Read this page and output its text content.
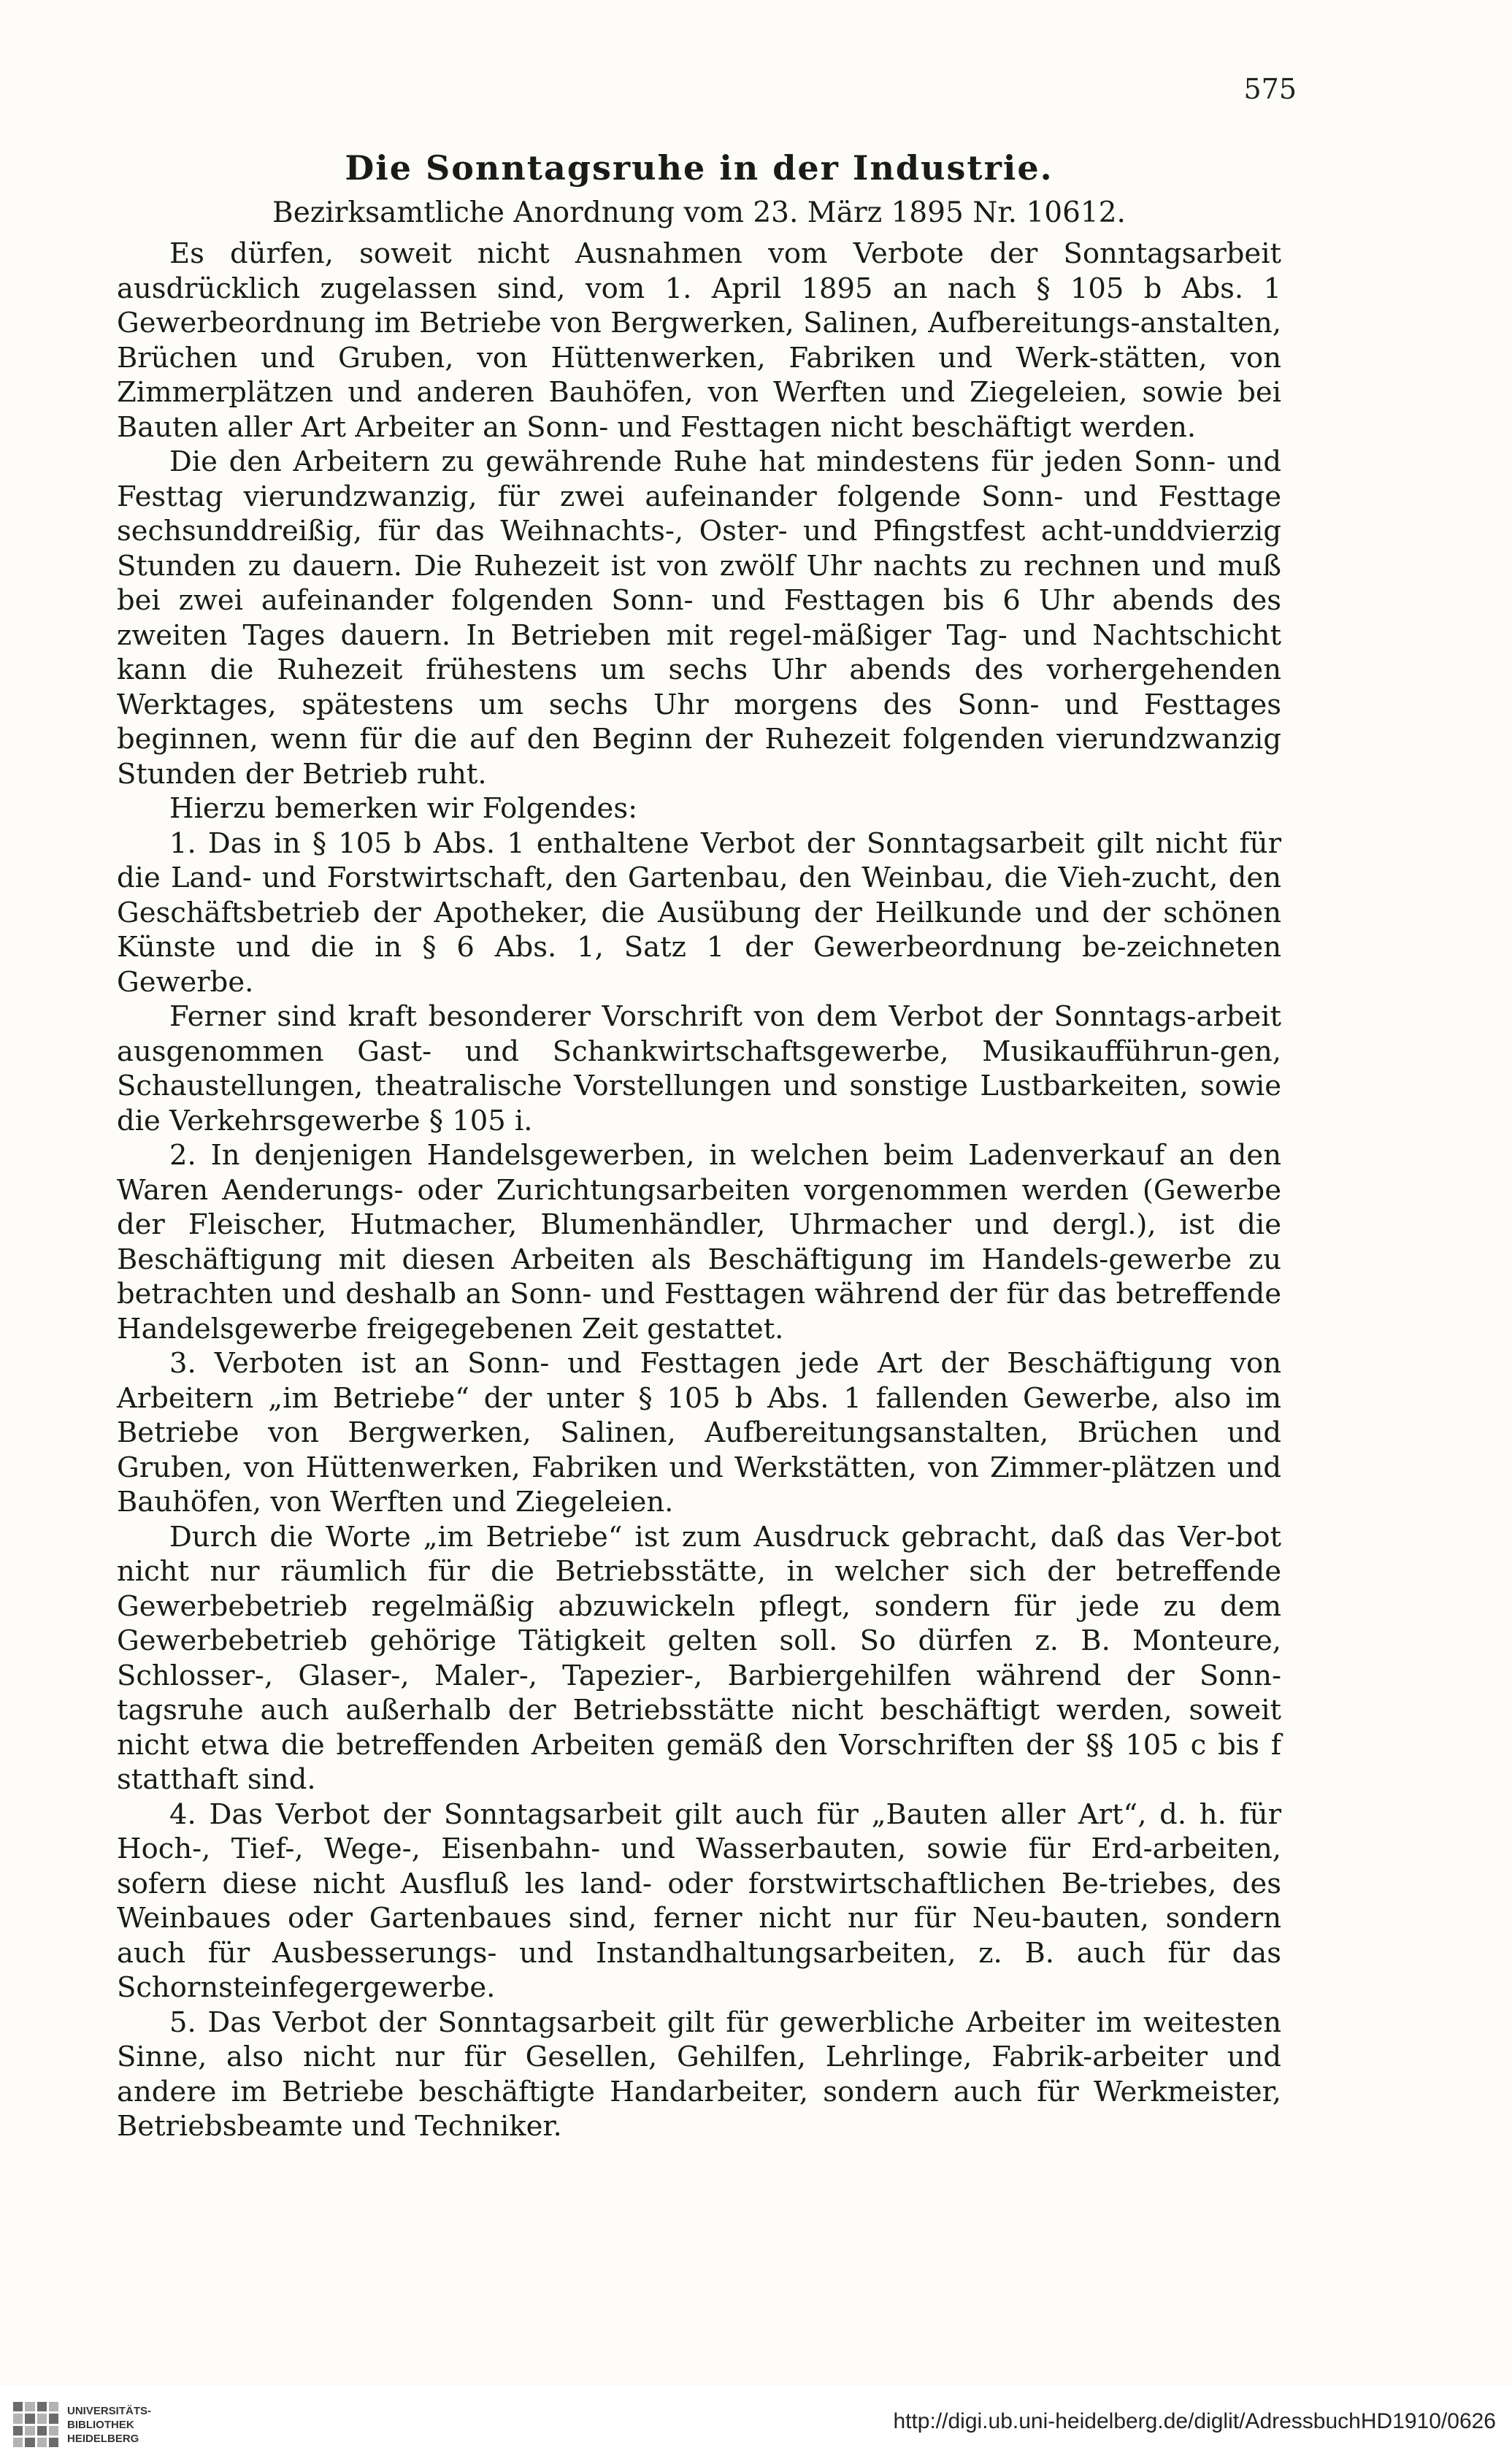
575

Die Sonntagsruhe in der Industrie.

Bezirksamtliche Anordnung vom 23. März 1895 Nr. 10612.

Es dürfen, soweit nicht Ausnahmen vom Verbote der Sonntagsarbeit ausdrücklich zugelassen sind, vom 1. April 1895 an nach § 105 b Abs. 1 Gewerbeordnung im Betriebe von Bergwerken, Salinen, Aufbereitungs-anstalten, Brüchen und Gruben, von Hüttenwerken, Fabriken und Werk-stätten, von Zimmerplätzen und anderen Bauhöfen, von Werften und Ziegeleien, sowie bei Bauten aller Art Arbeiter an Sonn- und Festtagen nicht beschäftigt werden.

Die den Arbeitern zu gewährende Ruhe hat mindestens für jeden Sonn- und Festtag vierundzwanzig, für zwei aufeinander folgende Sonn- und Festtage sechsunddreißig, für das Weihnachts-, Oster- und Pfingstfest acht-unddvierzig Stunden zu dauern. Die Ruhezeit ist von zwölf Uhr nachts zu rechnen und muß bei zwei aufeinander folgenden Sonn- und Festtagen bis 6 Uhr abends des zweiten Tages dauern. In Betrieben mit regel-mäßiger Tag- und Nachtschicht kann die Ruhezeit frühestens um sechs Uhr abends des vorhergehenden Werktages, spätestens um sechs Uhr morgens des Sonn- und Festtages beginnen, wenn für die auf den Beginn der Ruhezeit folgenden vierundzwanzig Stunden der Betrieb ruht.

Hierzu bemerken wir Folgendes:

1. Das in § 105 b Abs. 1 enthaltene Verbot der Sonntagsarbeit gilt nicht für die Land- und Forstwirtschaft, den Gartenbau, den Weinbau, die Vieh-zucht, den Geschäftsbetrieb der Apotheker, die Ausübung der Heilkunde und der schönen Künste und die in § 6 Abs. 1, Satz 1 der Gewerbeordnung be-zeichneten Gewerbe.

Ferner sind kraft besonderer Vorschrift von dem Verbot der Sonntags-arbeit ausgenommen Gast- und Schankwirtschaftsgewerbe, Musikaufführun-gen, Schaustellungen, theatralische Vorstellungen und sonstige Lustbarkeiten, sowie die Verkehrsgewerbe § 105 i.

2. In denjenigen Handelsgewerben, in welchen beim Ladenverkauf an den Waren Aenderungs- oder Zurichtungsarbeiten vorgenommen werden (Gewerbe der Fleischer, Hutmacher, Blumenhändler, Uhrmacher und dergl.), ist die Beschäftigung mit diesen Arbeiten als Beschäftigung im Handels-gewerbe zu betrachten und deshalb an Sonn- und Festtagen während der für das betreffende Handelsgewerbe freigegebenen Zeit gestattet.

3. Verboten ist an Sonn- und Festtagen jede Art der Beschäftigung von Arbeitern „im Betriebe“ der unter § 105 b Abs. 1 fallenden Gewerbe, also im Betriebe von Bergwerken, Salinen, Aufbereitungsanstalten, Brüchen und Gruben, von Hüttenwerken, Fabriken und Werkstätten, von Zimmer-plätzen und Bauhöfen, von Werften und Ziegeleien.

Durch die Worte „im Betriebe“ ist zum Ausdruck gebracht, daß das Ver-bot nicht nur räumlich für die Betriebsstätte, in welcher sich der betreffende Gewerbebetrieb regelmäßig abzuwickeln pflegt, sondern für jede zu dem Gewerbebetrieb gehörige Tätigkeit gelten soll. So dürfen z. B. Monteure, Schlosser-, Glaser-, Maler-, Tapezier-, Barbiergehilfen während der Sonn-tagsruhe auch außerhalb der Betriebsstätte nicht beschäftigt werden, soweit nicht etwa die betreffenden Arbeiten gemäß den Vorschriften der §§ 105 c bis f statthaft sind.

4. Das Verbot der Sonntagsarbeit gilt auch für „Bauten aller Art“, d. h. für Hoch-, Tief-, Wege-, Eisenbahn- und Wasserbauten, sowie für Erd-arbeiten, sofern diese nicht Ausfluß les land- oder forstwirtschaftlichen Be-triebes, des Weinbaues oder Gartenbaues sind, ferner nicht nur für Neu-bauten, sondern auch für Ausbesserungs- und Instandhaltungsarbeiten, z. B. auch für das Schornsteinfegergewerbe.

5. Das Verbot der Sonntagsarbeit gilt für gewerbliche Arbeiter im weitesten Sinne, also nicht nur für Gesellen, Gehilfen, Lehrlinge, Fabrik-arbeiter und andere im Betriebe beschäftigte Handarbeiter, sondern auch für Werkmeister, Betriebsbeamte und Techniker.

UNIVERSITÄTS-
BIBLIOTHEK
HEIDELBERG
http://digi.ub.uni-heidelberg.de/diglit/AdressbuchHD1910/0626
